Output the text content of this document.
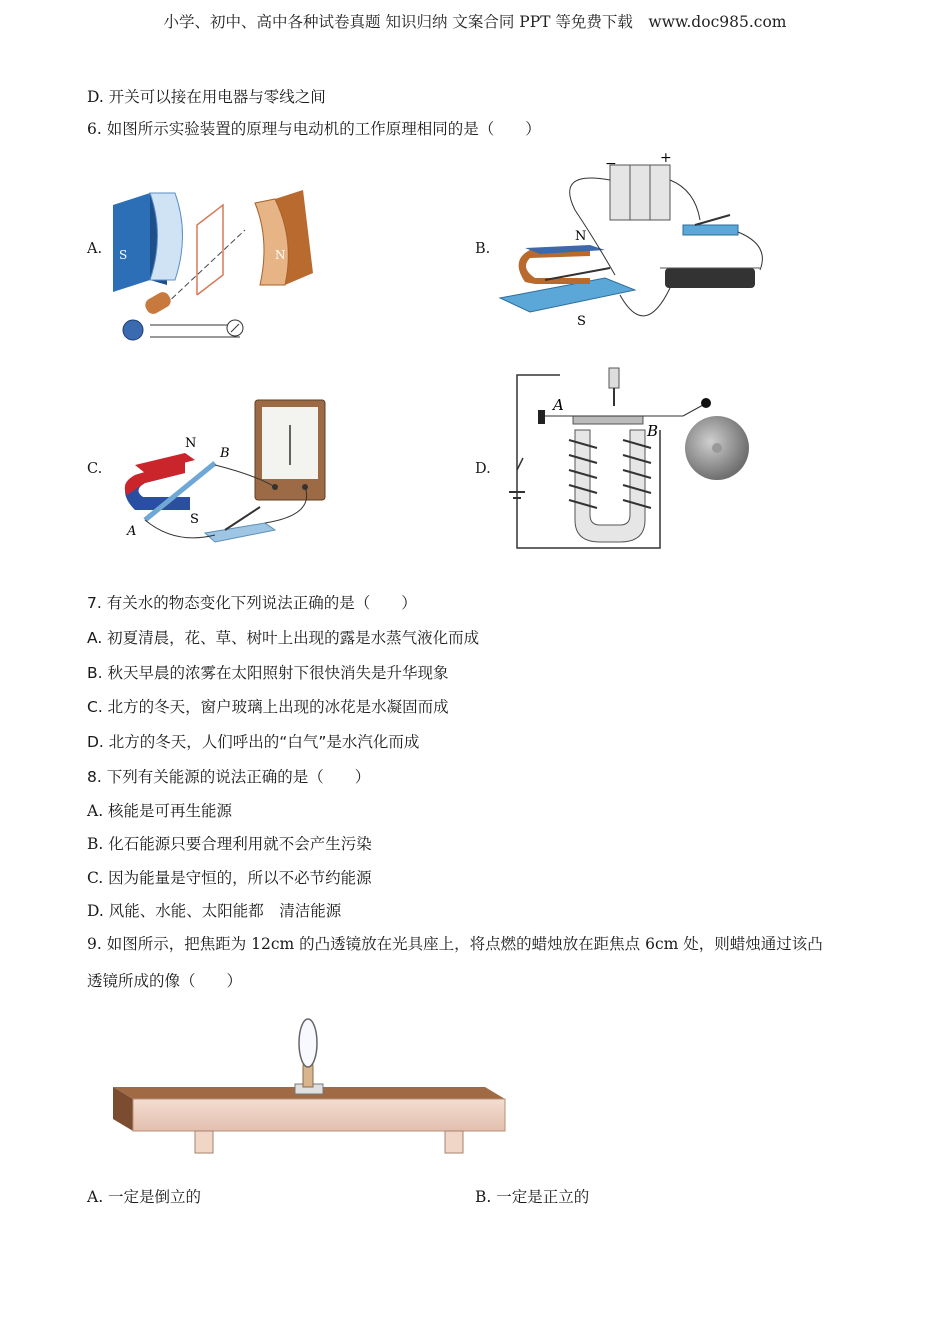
小学、初中、高中各种试卷真题 知识归纳 文案合同 PPT 等免费下载　www.doc985.com
D. 开关可以接在用电器与零线之间
6. 如图所示实验装置的原理与电动机的工作原理相同的是（　　）
A. S	N	B.
−	+
N
S
C.
N
S
A
B
D.
A
B
7. 有关水的物态变化下列说法正确的是（　　）
A. 初夏清晨，花、草、树叶上出现的露是水蒸气液化而成
B. 秋天早晨的浓雾在太阳照射下很快消失是升华现象
C. 北方的冬天，窗户玻璃上出现的冰花是水凝固而成
D. 北方的冬天，人们呼出的“白气”是水汽化而成
8. 下列有关能源的说法正确的是（　　）
A. 核能是可再生能源
B. 化石能源只要合理利用就不会产生污染
C. 因为能量是守恒的，所以不必节约能源
D. 风能、水能、太阳能都　清洁能源
9. 如图所示，把焦距为 12cm 的凸透镜放在光具座上，将点燃的蜡烛放在距焦点 6cm 处，则蜡烛通过该凸
透镜所成的像（　　）
A. 一定是倒立的	B. 一定是正立的
